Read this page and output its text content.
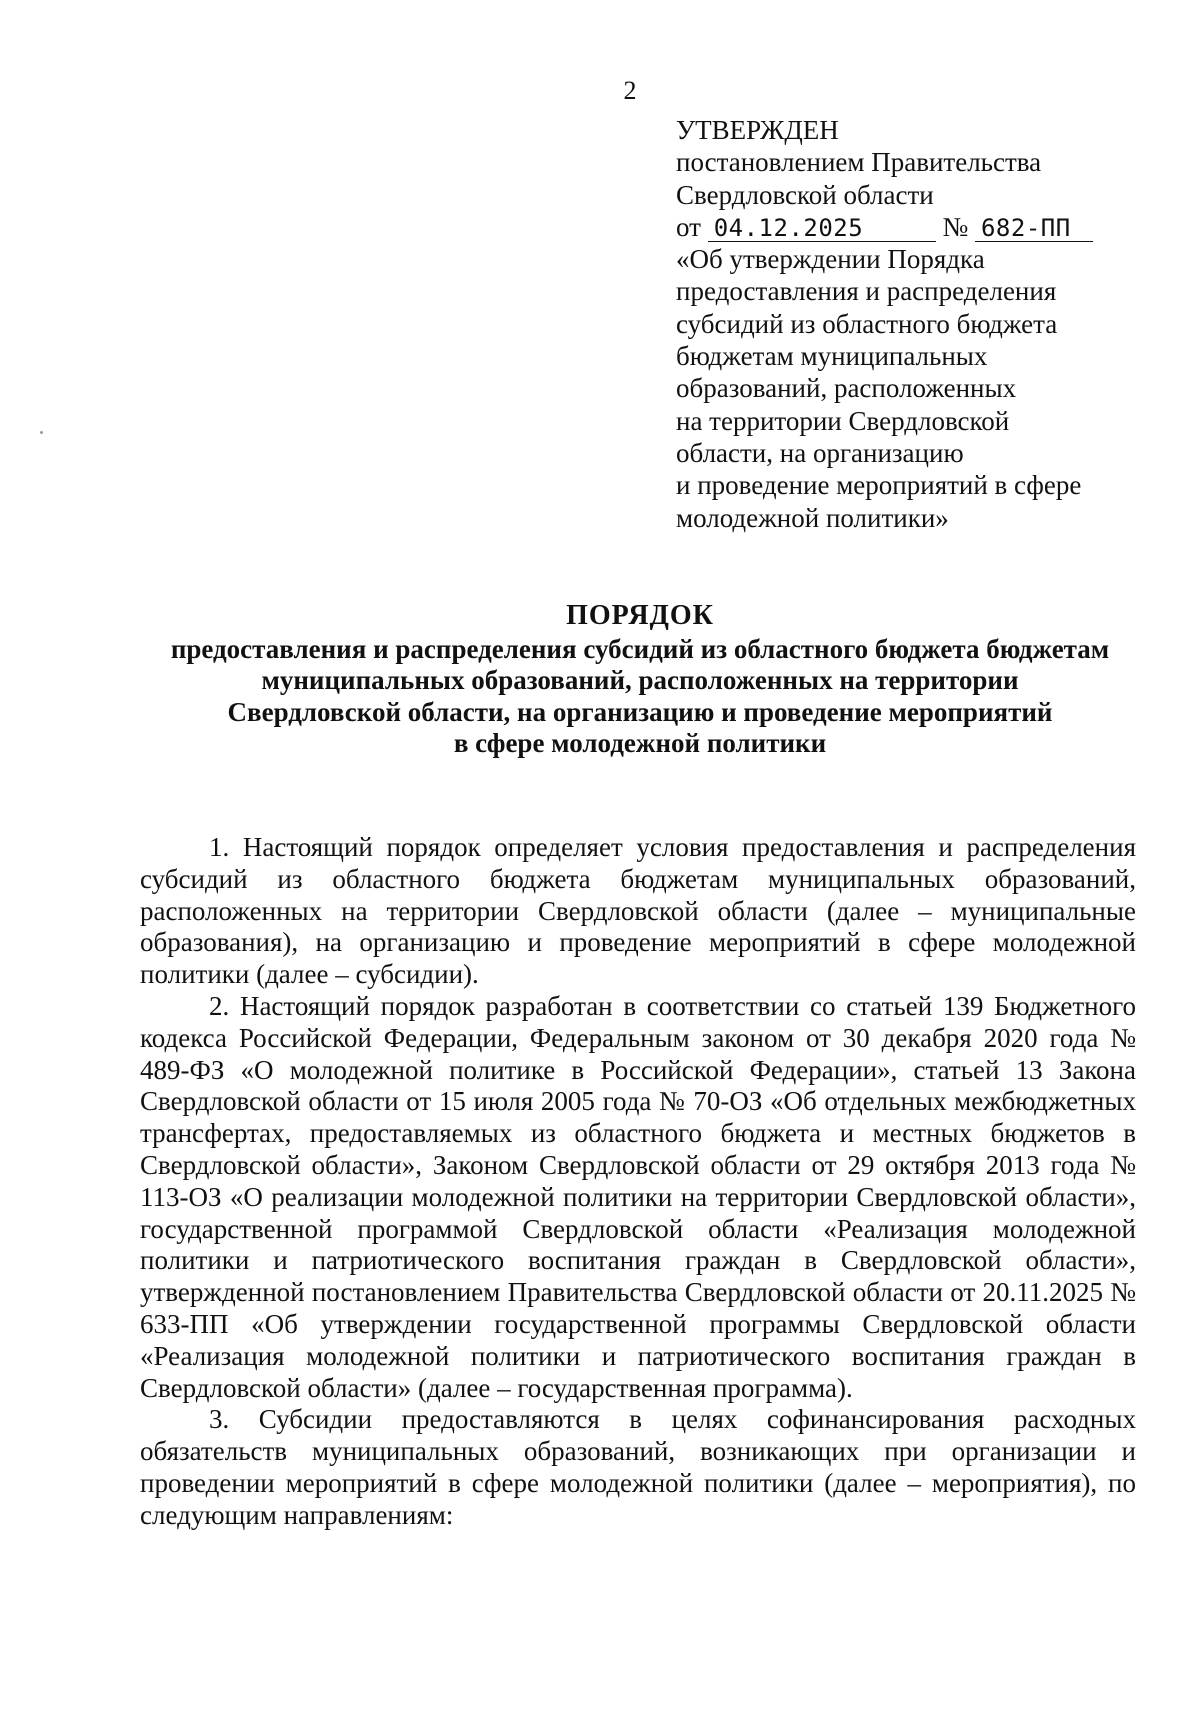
2
УТВЕРЖДЕН
постановлением Правительства
Свердловской области
от 04.12.2025	№ 682-ПП
«Об утверждении Порядка
предоставления и распределения
субсидий из областного бюджета
бюджетам муниципальных
образований, расположенных
на территории Свердловской
области, на организацию
и проведение мероприятий в сфере
молодежной политики»
ПОРЯДОК
предоставления и распределения субсидий из областного бюджета бюджетам
муниципальных образований, расположенных на территории
Свердловской области, на организацию и проведение мероприятий
в сфере молодежной политики

1. Настоящий порядок определяет условия предоставления и распределения субсидий из областного бюджета бюджетам муниципальных образований, расположенных на территории Свердловской области (далее – муниципальные образования), на организацию и проведение мероприятий в сфере молодежной политики (далее – субсидии).

2. Настоящий порядок разработан в соответствии со статьей 139 Бюджетного кодекса Российской Федерации, Федеральным законом от 30 декабря 2020 года № 489-ФЗ «О молодежной политике в Российской Федерации», статьей 13 Закона Свердловской области от 15 июля 2005 года № 70-ОЗ «Об отдельных межбюджетных трансфертах, предоставляемых из областного бюджета и местных бюджетов в Свердловской области», Законом Свердловской области от 29 октября 2013 года № 113-ОЗ «О реализации молодежной политики на территории Свердловской области», государственной программой Свердловской области «Реализация молодежной политики и патриотического воспитания граждан в Свердловской области», утвержденной постановлением Правительства Свердловской области от 20.11.2025 № 633-ПП «Об утверждении государственной программы Свердловской области «Реализация молодежной политики и патриотического воспитания граждан в Свердловской области» (далее – государственная программа).

3. Субсидии предоставляются в целях софинансирования расходных обязательств муниципальных образований, возникающих при организации и проведении мероприятий в сфере молодежной политики (далее – мероприятия), по следующим направлениям:
